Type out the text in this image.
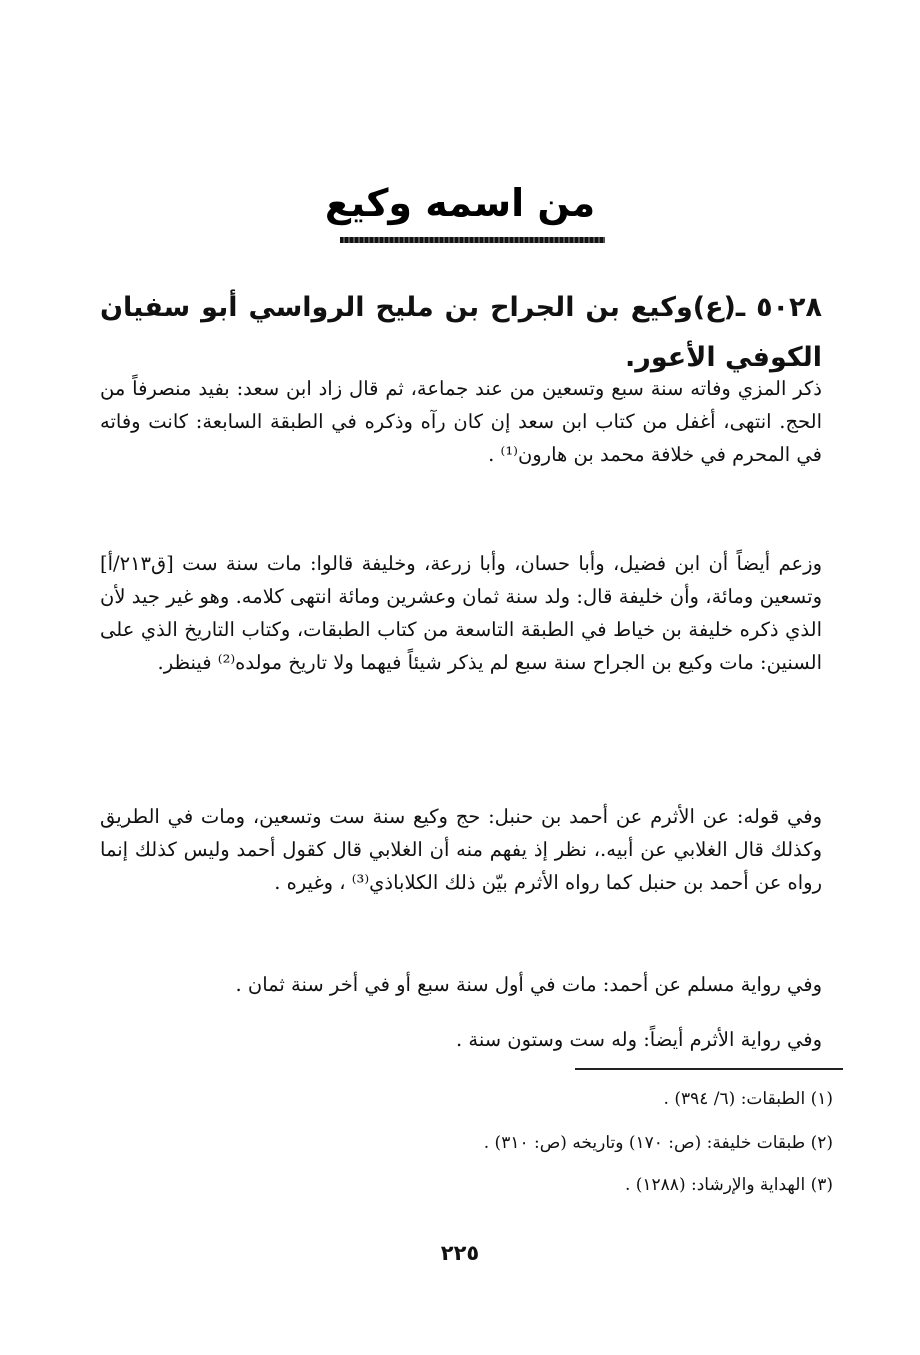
من اسمه وكيع
٥٠٢٨ ـ(ع)وكيع بن الجراح بن مليح الرواسي أبو سفيان الكوفي الأعور.
ذكر المزي وفاته سنة سبع وتسعين من عند جماعة، ثم قال زاد ابن سعد: بفيد منصرفاً من الحج. انتهى، أغفل من كتاب ابن سعد إن كان رآه وذكره في الطبقة السابعة: كانت وفاته في المحرم في خلافة محمد بن هارون⁽¹⁾ .
وزعم أيضاً أن ابن فضيل، وأبا حسان، وأبا زرعة، وخليفة قالوا: مات سنة ست [ق٢١٣/أ] وتسعين ومائة، وأن خليفة قال: ولد سنة ثمان وعشرين ومائة انتهى كلامه. وهو غير جيد لأن الذي ذكره خليفة بن خياط في الطبقة التاسعة من كتاب الطبقات، وكتاب التاريخ الذي على السنين: مات وكيع بن الجراح سنة سبع لم يذكر شيئاً فيهما ولا تاريخ مولده⁽²⁾ فينظر.
وفي قوله: عن الأثرم عن أحمد بن حنبل: حج وكيع سنة ست وتسعين، ومات في الطريق وكذلك قال الغلابي عن أبيه.، نظر إذ يفهم منه أن الغلابي قال كقول أحمد وليس كذلك إنما رواه عن أحمد بن حنبل كما رواه الأثرم بيّن ذلك الكلاباذي⁽³⁾ ، وغيره .
وفي رواية مسلم عن أحمد: مات في أول سنة سبع أو في أخر سنة ثمان .
وفي رواية الأثرم أيضاً: وله ست وستون سنة .
(١) الطبقات: (٦/ ٣٩٤) .
(٢) طبقات خليفة: (ص: ١٧٠) وتاريخه (ص: ٣١٠) .
(٣) الهداية والإرشاد: (١٢٨٨) .
٢٢٥
